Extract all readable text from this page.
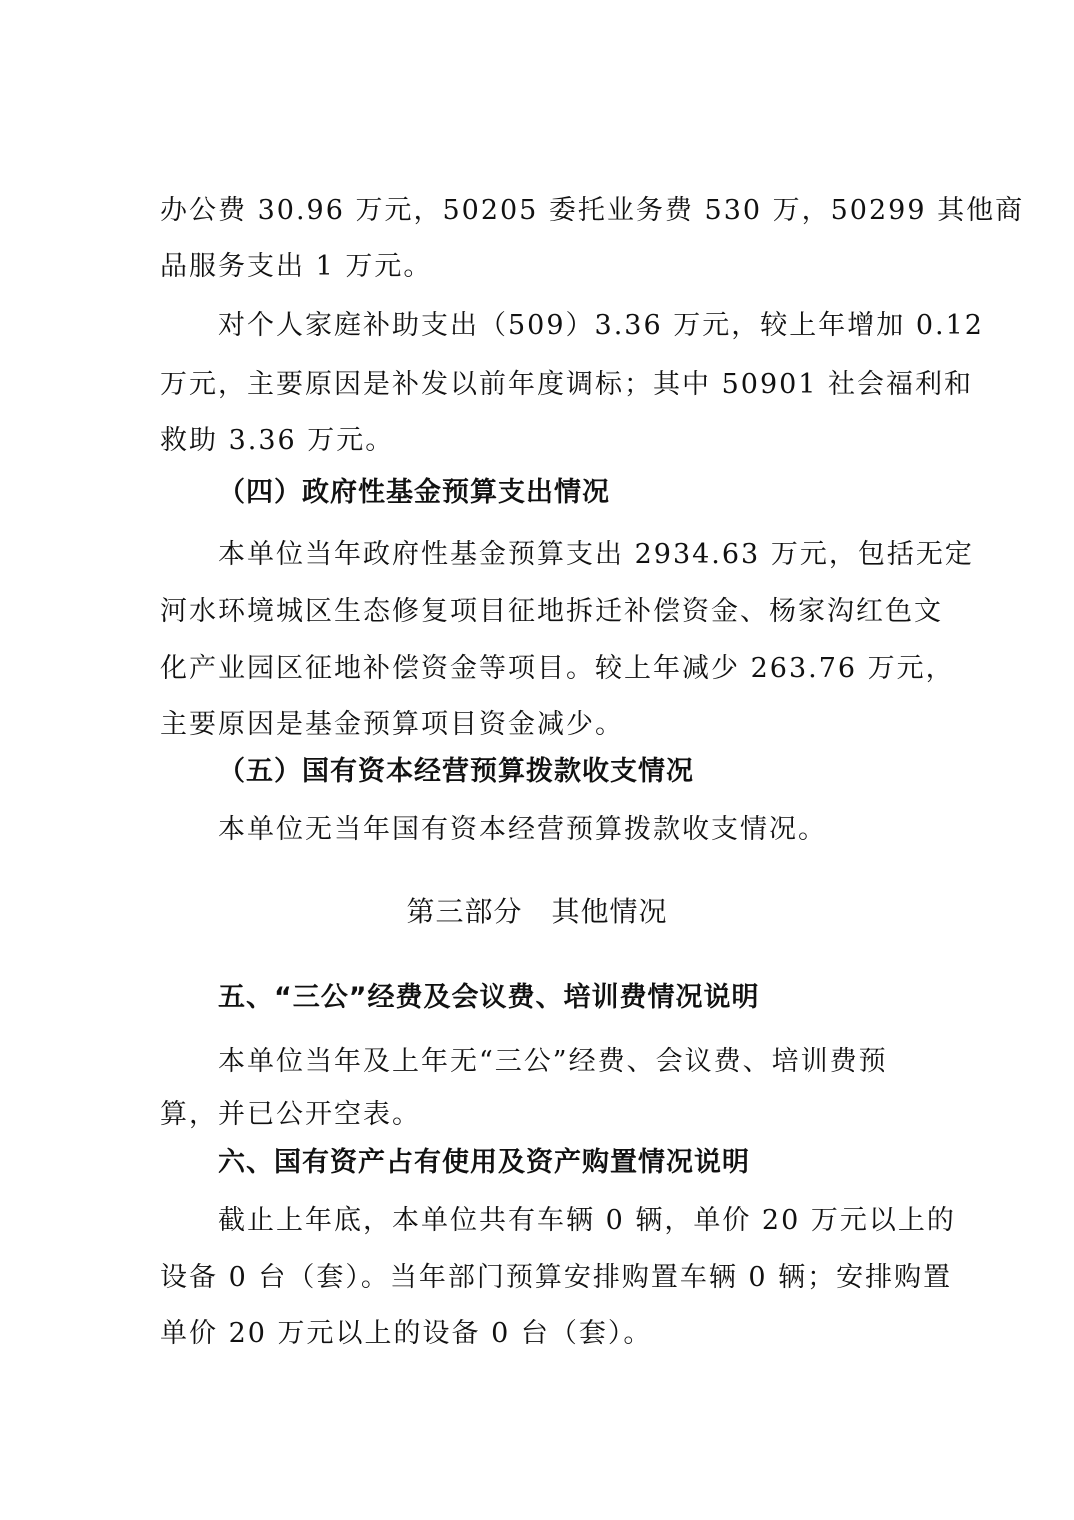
办公费 30.96 万元，50205 委托业务费 530 万，50299 其他商
品服务支出 1 万元。
对个人家庭补助支出（509）3.36 万元，较上年增加 0.12
万元，主要原因是补发以前年度调标；其中 50901 社会福利和
救助 3.36 万元。
（四）政府性基金预算支出情况
本单位当年政府性基金预算支出 2934.63 万元，包括无定
河水环境城区生态修复项目征地拆迁补偿资金、杨家沟红色文
化产业园区征地补偿资金等项目。较上年减少 263.76 万元，
主要原因是基金预算项目资金减少。
（五）国有资本经营预算拨款收支情况
本单位无当年国有资本经营预算拨款收支情况。
第三部分　其他情况
五、“三公”经费及会议费、培训费情况说明
本单位当年及上年无“三公”经费、会议费、培训费预
算，并已公开空表。
六、国有资产占有使用及资产购置情况说明
截止上年底，本单位共有车辆 0 辆，单价 20 万元以上的
设备 0 台（套）。当年部门预算安排购置车辆 0 辆；安排购置
单价 20 万元以上的设备 0 台（套）。
